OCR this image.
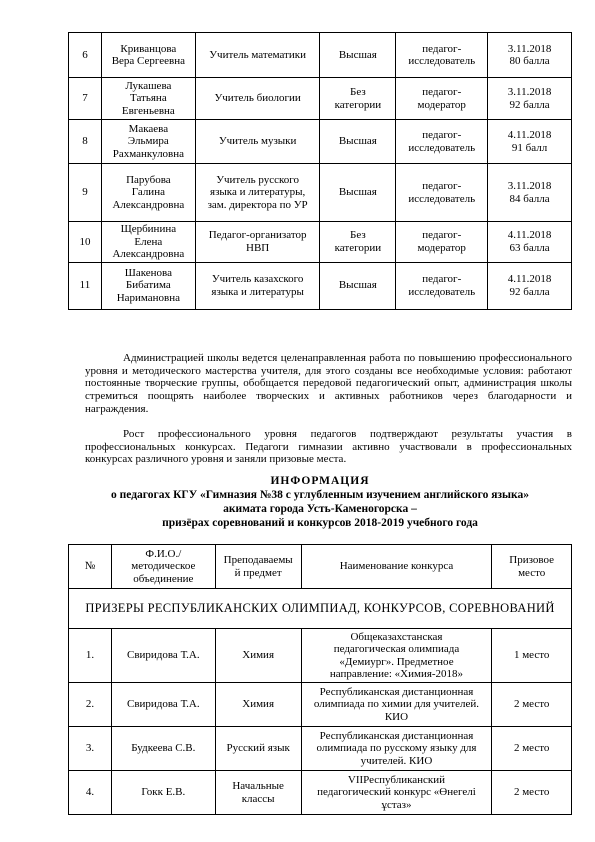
6	Криванцова
Вера Сергеевна	Учитель математики	Высшая	педагог-
исследователь	3.11.2018
80 балла
7	Лукашева
Татьяна
Евгеньевна	Учитель биологии	Без
категории	педагог-
модератор	3.11.2018
92 балла
8	Макаева
Эльмира
Рахманкуловна	Учитель музыки	Высшая	педагог-
исследователь	4.11.2018
91 балл
9	Парубова
Галина
Александровна	Учитель русского
языка и литературы,
зам. директора по УР	Высшая	педагог-
исследователь	3.11.2018
84 балла
10	Щербинина
Елена
Александровна	Педагог-организатор
НВП	Без
категории	педагог-
модератор	4.11.2018
63 балла
11	Шакенова
Бибатима
Наримановна	Учитель казахского
языка и литературы	Высшая	педагог-
исследователь	4.11.2018
92 балла

Администрацией школы ведется целенаправленная работа по повышению профессионального уровня и методического мастерства учителя, для этого созданы все необходимые условия: работают постоянные творческие группы, обобщается передовой педагогический опыт, администрация школы стремиться поощрять наиболее творческих и активных работников через благодарности и награждения.

Рост профессионального уровня педагогов подтверждают результаты участия в профессиональных конкурсах. Педагоги гимназии активно участвовали в профессиональных конкурсах различного уровня и заняли призовые места.

ИНФОРМАЦИЯ

о педагогах КГУ «Гимназия №38 с углубленным изучением английского языка»

акимата города Усть-Каменогорска –

призёрах соревнований и конкурсов 2018-2019 учебного года

№	Ф.И.О./
методическое
объединение	Преподаваемы
й предмет	Наименование конкурса	Призовое
место
ПРИЗЕРЫ РЕСПУБЛИКАНСКИХ ОЛИМПИАД, КОНКУРСОВ, СОРЕВНОВАНИЙ				
1.	Свиридова Т.А.	Химия	Общеказахстанская
педагогическая олимпиада
«Демиург». Предметное
направление: «Химия-2018»	1 место
2.	Свиридова Т.А.	Химия	Республиканская дистанционная
олимпиада по химии для учителей.
КИО	2 место
3.	Будкеева С.В.	Русский язык	Республиканская дистанционная
олимпиада по русскому языку для
учителей. КИО	2 место
4.	Гокк Е.В.	Начальные
классы	VIIРеспубликанский
педагогический конкурс «Өнегелі
ұстаз»	2 место
